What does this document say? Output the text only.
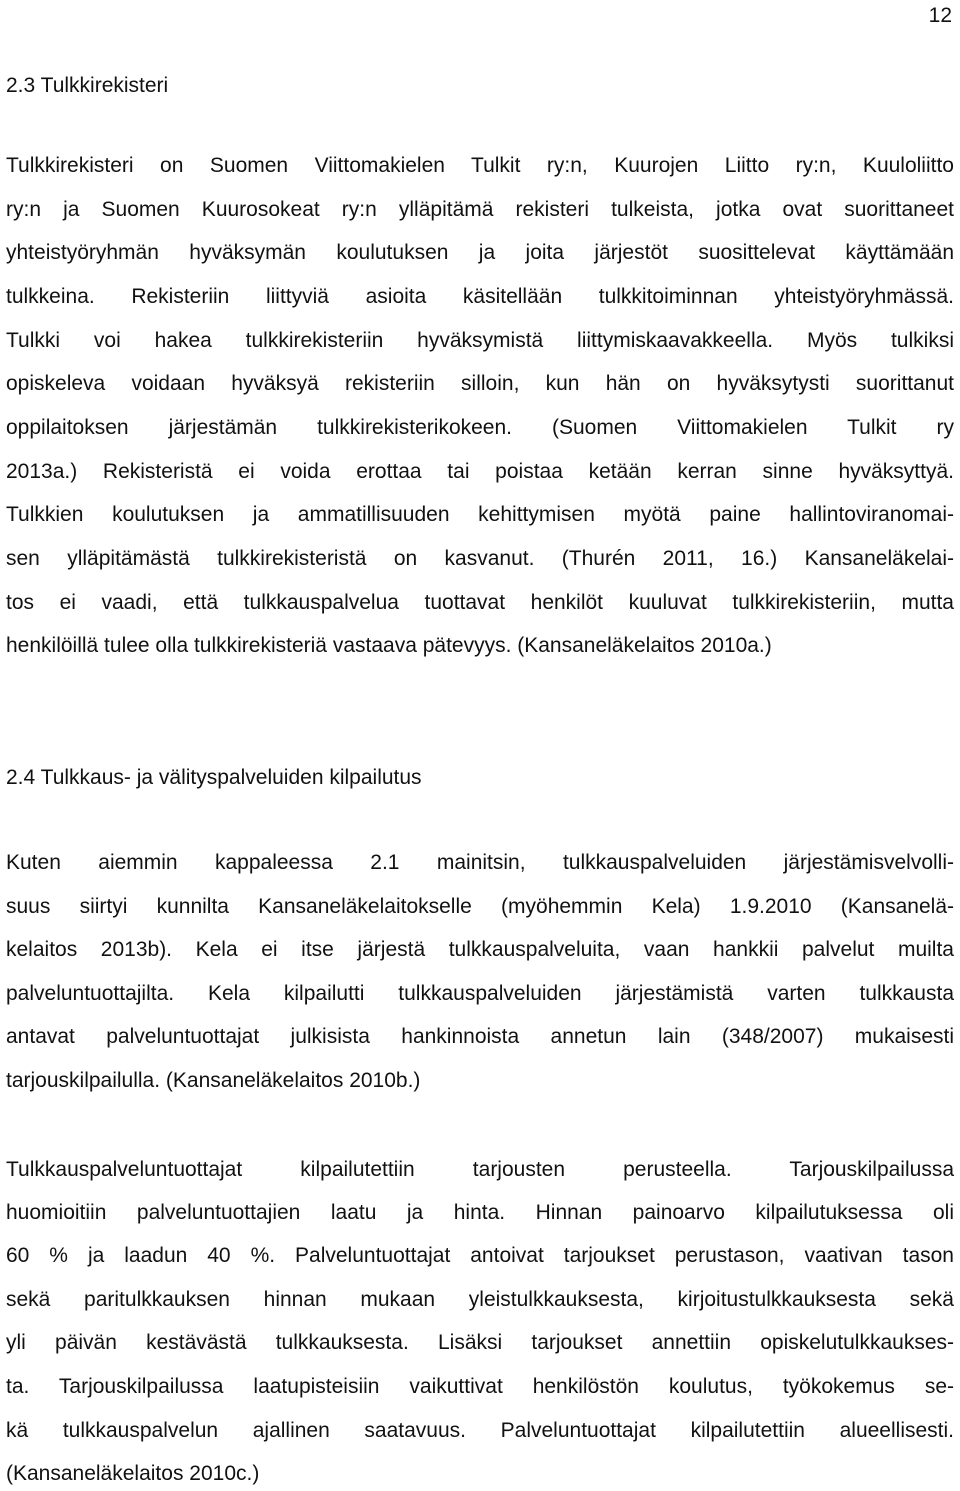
12
2.3 Tulkkirekisteri
Tulkkirekisteri on Suomen Viittomakielen Tulkit ry:n, Kuurojen Liitto ry:n, Kuuloliitto
ry:n ja Suomen Kuurosokeat ry:n ylläpitämä rekisteri tulkeista, jotka ovat suorittaneet
yhteistyöryhmän hyväksymän koulutuksen ja joita järjestöt suosittelevat käyttämään
tulkkeina. Rekisteriin liittyviä asioita käsitellään tulkkitoiminnan yhteistyöryhmässä.
Tulkki voi hakea tulkkirekisteriin hyväksymistä liittymiskaavakkeella. Myös tulkiksi
opiskeleva voidaan hyväksyä rekisteriin silloin, kun hän on hyväksytysti suorittanut
oppilaitoksen järjestämän tulkkirekisterikokeen. (Suomen Viittomakielen Tulkit ry
2013a.) Rekisteristä ei voida erottaa tai poistaa ketään kerran sinne hyväksyttyä.
Tulkkien koulutuksen ja ammatillisuuden kehittymisen myötä paine hallintoviranomai-
sen ylläpitämästä tulkkirekisteristä on kasvanut. (Thurén 2011, 16.) Kansaneläkelai-
tos ei vaadi, että tulkkauspalvelua tuottavat henkilöt kuuluvat tulkkirekisteriin, mutta
henkilöillä tulee olla tulkkirekisteriä vastaava pätevyys. (Kansaneläkelaitos 2010a.)
2.4 Tulkkaus- ja välityspalveluiden kilpailutus
Kuten aiemmin kappaleessa 2.1 mainitsin, tulkkauspalveluiden järjestämisvelvolli-
suus siirtyi kunnilta Kansaneläkelaitokselle (myöhemmin Kela) 1.9.2010 (Kansanelä-
kelaitos 2013b). Kela ei itse järjestä tulkkauspalveluita, vaan hankkii palvelut muilta
palveluntuottajilta. Kela kilpailutti tulkkauspalveluiden järjestämistä varten tulkkausta
antavat palveluntuottajat julkisista hankinnoista annetun lain (348/2007) mukaisesti
tarjouskilpailulla. (Kansaneläkelaitos 2010b.)
Tulkkauspalveluntuottajat kilpailutettiin tarjousten perusteella. Tarjouskilpailussa
huomioitiin palveluntuottajien laatu ja hinta. Hinnan painoarvo kilpailutuksessa oli
60 % ja laadun 40 %. Palveluntuottajat antoivat tarjoukset perustason, vaativan tason
sekä paritulkkauksen hinnan mukaan yleistulkkauksesta, kirjoitustulkkauksesta sekä
yli päivän kestävästä tulkkauksesta. Lisäksi tarjoukset annettiin opiskelutulkkaukses-
ta. Tarjouskilpailussa laatupisteisiin vaikuttivat henkilöstön koulutus, työkokemus se-
kä tulkkauspalvelun ajallinen saatavuus. Palveluntuottajat kilpailutettiin alueellisesti.
(Kansaneläkelaitos 2010c.)
